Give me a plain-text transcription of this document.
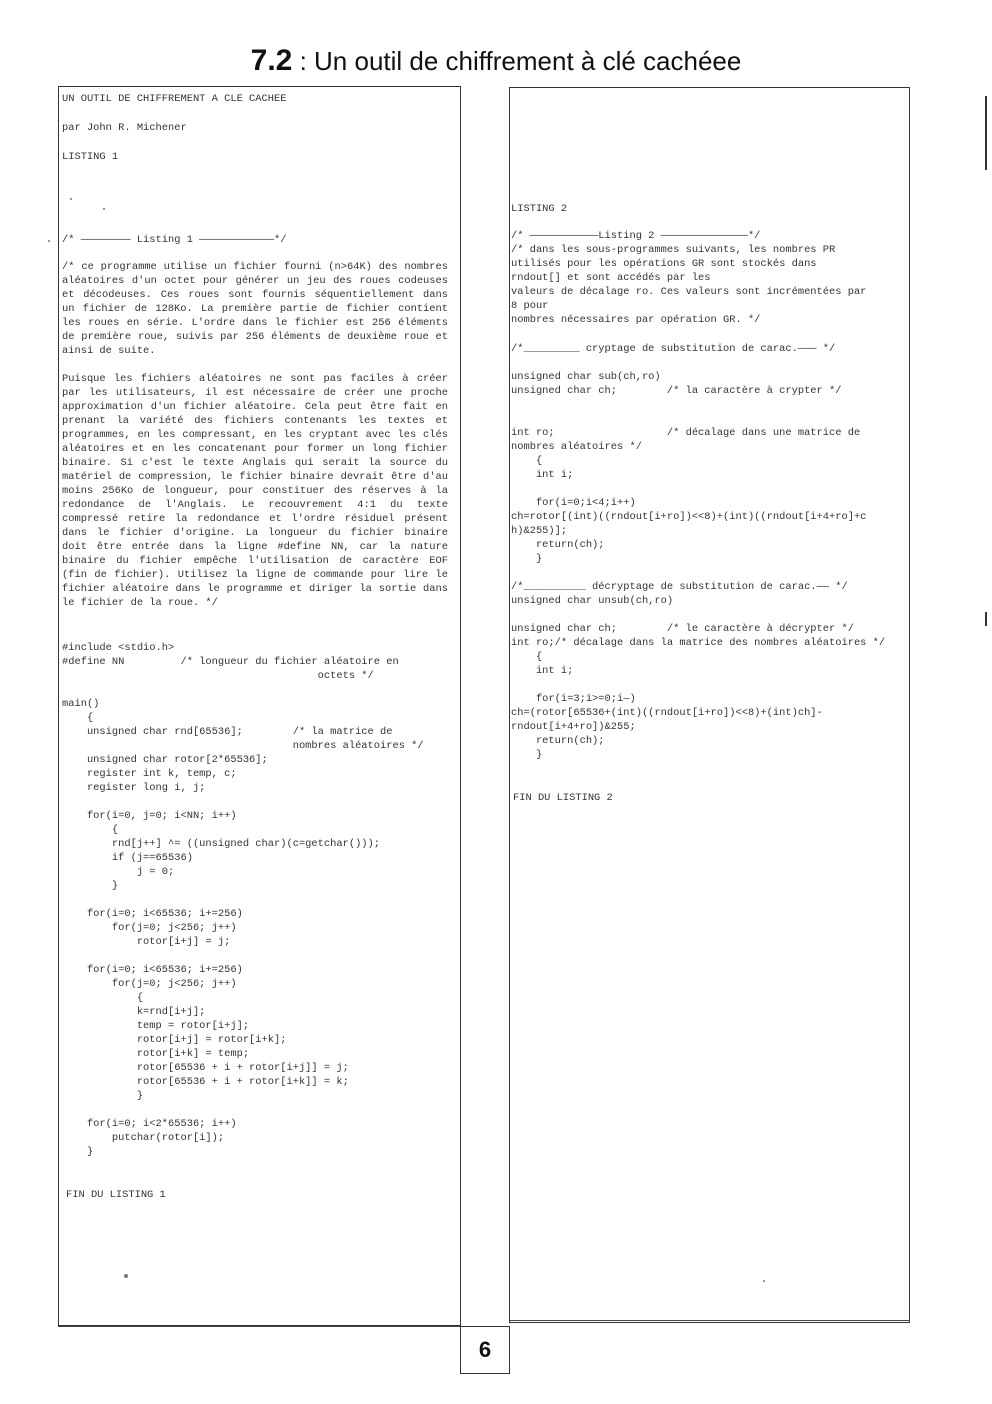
7.2 : Un outil de chiffrement à clé cachéee
6
UN OUTIL DE CHIFFREMENT A CLE CACHEE
par John R. Michener
LISTING 1
/* ———————— Listing 1 ————————————*/
/* ce programme utilise un fichier fourni (n>64K) des nombres aléatoires d'un octet pour générer un jeu des roues codeuses et décodeuses. Ces roues sont fournis séquentiellement dans un fichier de 128Ko. La première partie de fichier contient les roues en série. L'ordre dans le fichier est 256 éléments de première roue, suivis par 256 éléments de deuxième roue et ainsi de suite.
Puisque les fichiers aléatoires ne sont pas faciles à créer par les utilisateurs, il est nécessaire de créer une proche approximation d'un fichier aléatoire. Cela peut être fait en prenant la variété des fichiers contenants les textes et programmes, en les compressant, en les cryptant avec les clés aléatoires et en les concatenant pour former un long fichier binaire. Si c'est le texte Anglais qui serait la source du matériel de compression, le fichier binaire devrait être d'au moins 256Ko de longueur, pour constituer des réserves à la redondance de l'Anglais. Le recouvrement 4:1 du texte compressé retire la redondance et l'ordre résiduel présent dans le fichier d'origine. La longueur du fichier binaire doit être entrée dans la ligne #define NN, car la nature binaire du fichier empêche l'utilisation de caractère EOF (fin de fichier). Utilisez la ligne de commande pour lire le fichier aléatoire dans le programme et diriger la sortie dans le fichier de la roue. */
#include <stdio.h>
#define NN         /* longueur du fichier aléatoire en
octets */

main()
{
unsigned char rnd[65536];        /* la matrice de
nombres aléatoires */
unsigned char rotor[2*65536];
register int k, temp, c;
register long i, j;

for(i=0, j=0; i<NN; i++)
{
rnd[j++] ^= ((unsigned char)(c=getchar()));
if (j==65536)
j = 0;
}

for(i=0; i<65536; i+=256)
for(j=0; j<256; j++)
rotor[i+j] = j;

for(i=0; i<65536; i+=256)
for(j=0; j<256; j++)
{
k=rnd[i+j];
temp = rotor[i+j];
rotor[i+j] = rotor[i+k];
rotor[i+k] = temp;
rotor[65536 + i + rotor[i+j]] = j;
rotor[65536 + i + rotor[i+k]] = k;
}

for(i=0; i<2*65536; i++)
putchar(rotor[i]);
}
FIN DU LISTING 1
LISTING 2
/* ———————————Listing 2 ——————————————*/
/* dans les sous-programmes suivants, les nombres PR
utilisés pour les opérations GR sont stockés dans
rndout[] et sont accédés par les
valeurs de décalage ro. Ces valeurs sont incrémentées par
8 pour
nombres nécessaires par opération GR. */
/*_________ cryptage de substitution de carac.——— */

unsigned char sub(ch,ro)
unsigned char ch;        /* la caractère à crypter */

int ro;                  /* décalage dans une matrice de
nombres aléatoires */
{
int i;

for(i=0;i<4;i++)
ch=rotor[(int)((rndout[i+ro])<<8)+(int)((rndout[i+4+ro]+c
h)&255)];
return(ch);
}
/*__________ décryptage de substitution de carac.—— */
unsigned char unsub(ch,ro)

unsigned char ch;        /* le caractère à décrypter */
int ro;/* décalage dans la matrice des nombres aléatoires */
{
int i;

for(i=3;i>=0;i—)
ch=(rotor[65536+(int)((rndout[i+ro])<<8)+(int)ch]-
rndout[i+4+ro])&255;
return(ch);
}
FIN DU LISTING 2
